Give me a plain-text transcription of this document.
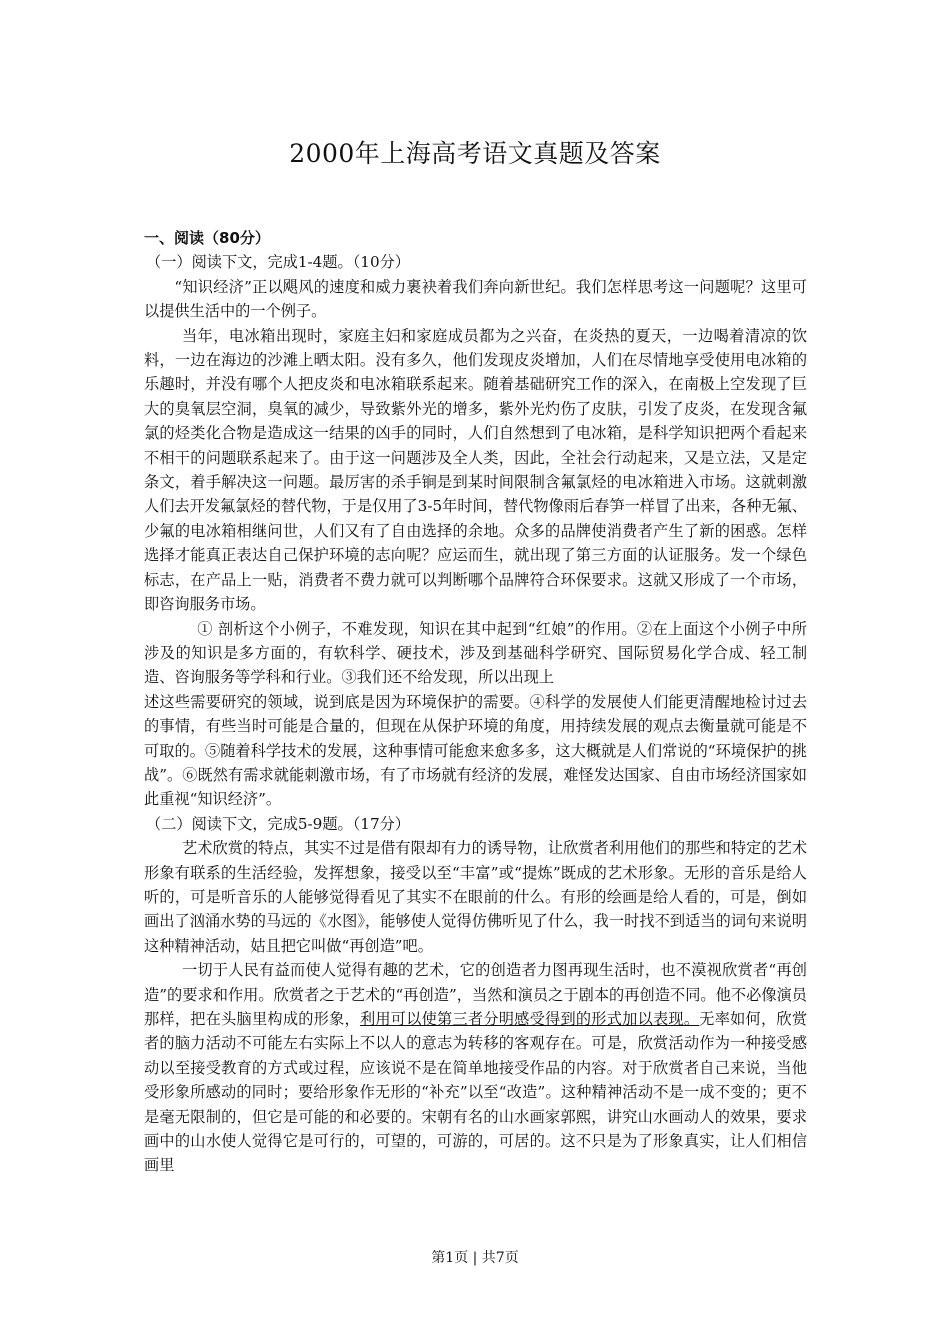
2000年上海高考语文真题及答案
一、阅读（80分）
（一）阅读下文，完成1-4题。（10分）
“知识经济”正以飓风的速度和威力裹袂着我们奔向新世纪。我们怎样思考这一问题呢？这里可以提供生活中的一个例子。
当年，电冰箱出现时，家庭主妇和家庭成员都为之兴奋，在炎热的夏天，一边喝着清凉的饮料，一边在海边的沙滩上晒太阳。没有多久，他们发现皮炎增加，人们在尽情地享受使用电冰箱的乐趣时，并没有哪个人把皮炎和电冰箱联系起来。随着基础研究工作的深入，在南极上空发现了巨大的臭氧层空洞，臭氧的减少，导致紫外光的增多，紫外光灼伤了皮肤，引发了皮炎，在发现含氟氯的烃类化合物是造成这一结果的凶手的同时，人们自然想到了电冰箱，是科学知识把两个看起来不相干的问题联系起来了。由于这一问题涉及全人类，因此，全社会行动起来，又是立法，又是定条文，着手解决这一问题。最厉害的杀手锏是到某时间限制含氟氯烃的电冰箱进入市场。这就刺激人们去开发氟氯烃的替代物，于是仅用了3-5年时间，替代物像雨后春笋一样冒了出来，各种无氟、少氟的电冰箱相继问世，人们又有了自由选择的余地。众多的品牌使消费者产生了新的困惑。怎样选择才能真正表达自己保护环境的志向呢？应运而生，就出现了第三方面的认证服务。发一个绿色标志，在产品上一贴，消费者不费力就可以判断哪个品牌符合环保要求。这就又形成了一个市场，即咨询服务市场。
① 剖析这个小例子，不难发现，知识在其中起到“红娘”的作用。②在上面这个小例子中所涉及的知识是多方面的，有软科学、硬技术，涉及到基础科学研究、国际贸易化学合成、轻工制造、咨询服务等学科和行业。③我们还不给发现，所以出现上
述这些需要研究的领域，说到底是因为环境保护的需要。④科学的发展使人们能更清醒地检讨过去的事情，有些当时可能是合量的，但现在从保护环境的角度，用持续发展的观点去衡量就可能是不可取的。⑤随着科学技术的发展，这种事情可能愈来愈多多，这大概就是人们常说的“环境保护的挑战”。⑥既然有需求就能刺激市场，有了市场就有经济的发展，难怪发达国家、自由市场经济国家如此重视“知识经济”。
（二）阅读下文，完成5-9题。（17分）
艺术欣赏的特点，其实不过是借有限却有力的诱导物，让欣赏者利用他们的那些和特定的艺术形象有联系的生活经验，发挥想象，接受以至“丰富”或“提炼”既成的艺术形象。无形的音乐是给人听的，可是听音乐的人能够觉得看见了其实不在眼前的什么。有形的绘画是给人看的，可是，倒如画出了汹涌水势的马远的《水图》，能够使人觉得仿佛听见了什么，我一时找不到适当的词句来说明这种精神活动，姑且把它叫做“再创造”吧。
一切于人民有益而使人觉得有趣的艺术，它的创造者力图再现生活时，也不漠视欣赏者“再创造”的要求和作用。欣赏者之于艺术的“再创造”，当然和演员之于剧本的再创造不同。他不必像演员那样，把在头脑里构成的形象，利用可以使第三者分明感受得到的形式加以表现。无率如何，欣赏者的脑力活动不可能左右实际上不以人的意志为转移的客观存在。可是，欣赏活动作为一种接受感动以至接受教育的方式或过程，应该说不是在简单地接受作品的内容。对于欣赏者自己来说，当他受形象所感动的同时；要给形象作无形的“补充”以至“改造”。这种精神活动不是一成不变的；更不是毫无限制的，但它是可能的和必要的。宋朝有名的山水画家郭熙，讲究山水画动人的效果，要求画中的山水使人觉得它是可行的，可望的，可游的，可居的。这不只是为了形象真实，让人们相信画里
第1页 | 共7页
